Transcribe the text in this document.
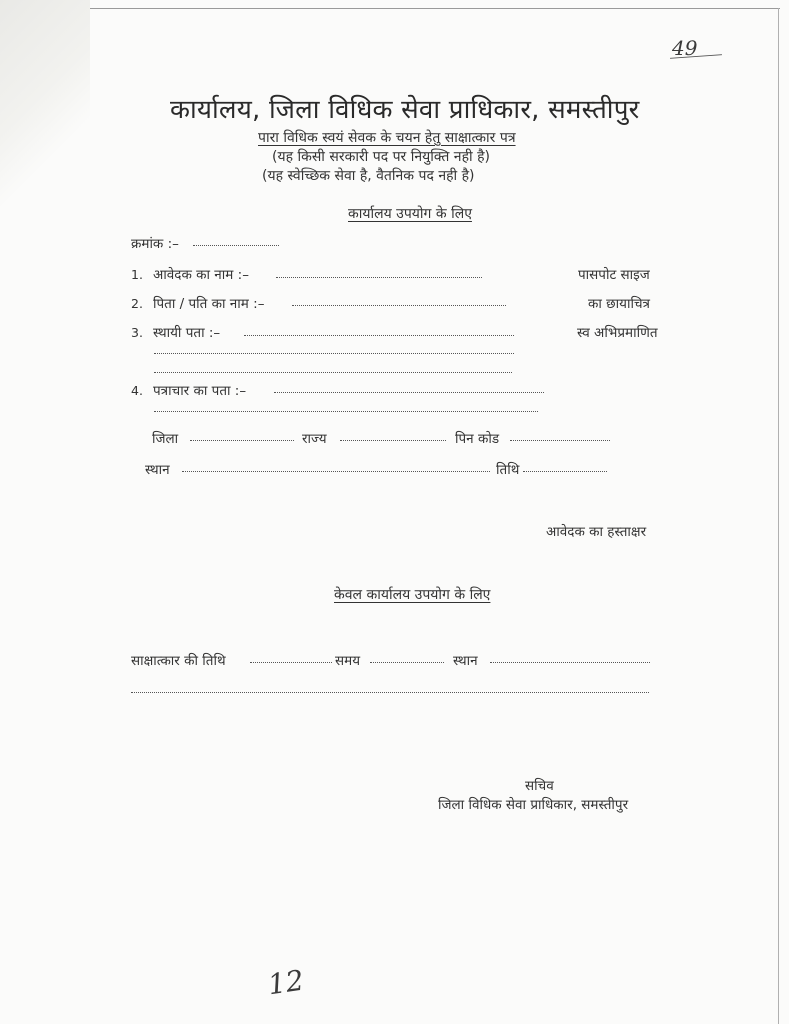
49
कार्यालय, जिला विधिक सेवा प्राधिकार, समस्तीपुर
पारा विधिक स्वयं सेवक के चयन हेतु साक्षात्कार पत्र
(यह किसी सरकारी पद पर नियुक्ति नही है)
(यह स्वेच्छिक सेवा है, वैतनिक पद नही है)
कार्यालय उपयोग के लिए
क्रमांक :–
1. आवेदक का नाम :–
2. पिता / पति का नाम :–
3. स्थायी पता :–
पासपोट साइज
का छायाचित्र
स्व अभिप्रमाणित
4. पत्राचार का पता :–
जिला	राज्य	पिन कोड
स्थान	तिथि
आवेदक का हस्ताक्षर
केवल कार्यालय उपयोग के लिए
साक्षात्कार की तिथि	समय	स्थान
सचिव
जिला विधिक सेवा प्राधिकार, समस्तीपुर
12
